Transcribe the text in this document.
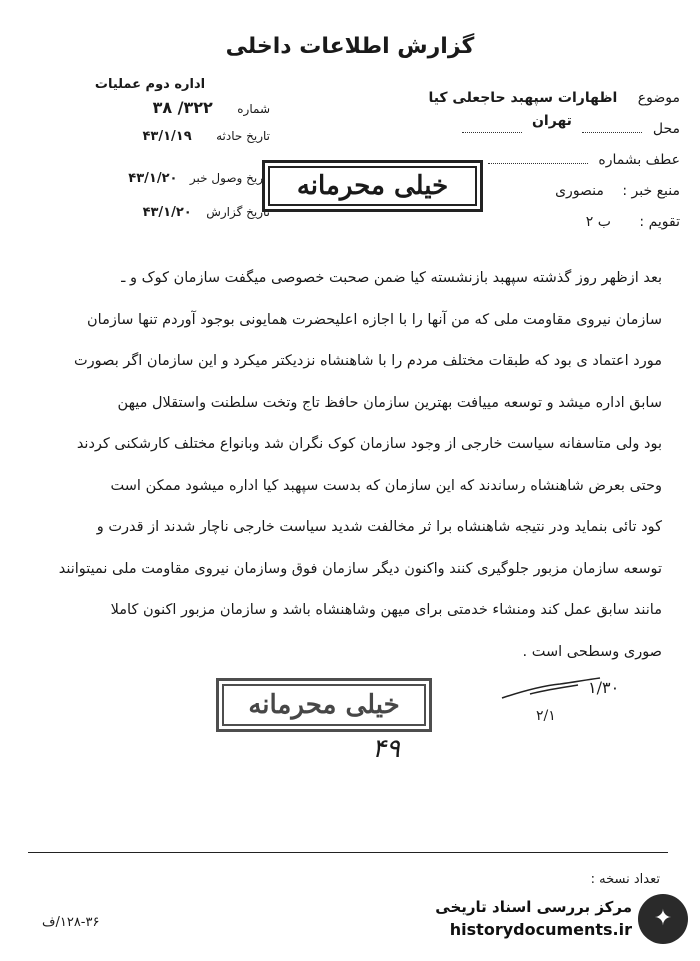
گزارش اطلاعات داخلی
موضوع اظهارات سپهبد حاجعلی کیا
محل  تهران
عطف بشماره
منبع خبر : منصوری
تقویم : ب ۲
اداره دوم عملیات
شماره ۳۲۲/ ۳۸
تاریخ حادثه ۴۳/۱/۱۹
تاریخ وصول خبر ۴۳/۱/۲۰
تاریخ گزارش ۴۳/۱/۲۰
خیلی محرمانه

بعد ازظهر روز گذشته سپهبد بازنشسته کیا ضمن صحبت خصوصی میگفت سازمان کوک و ـ

سازمان نیروی مقاومت ملی که من آنها را با اجازه اعلیحضرت همایونی بوجود آوردم تنها سازمان

مورد اعتماد ی بود که طبقات مختلف مردم را با شاهنشاه نزدیکتر میکرد و این سازمان اگر بصورت

سابق اداره میشد و توسعه مییافت بهترین سازمان حافظ تاج وتخت سلطنت واستقلال میهن

بود ولی متاسفانه سیاست خارجی از وجود سازمان کوک نگران شد وبانواع مختلف کارشکنی کردند

وحتی بعرض شاهنشاه رساندند که این سازمان که بدست سپهبد کیا اداره میشود ممکن است

کود تائی بنماید ودر نتیجه شاهنشاه برا ثر مخالفت شدید سیاست خارجی ناچار شدند از قدرت و

توسعه سازمان مزبور جلوگیری کنند واکنون دیگر سازمان فوق وسازمان نیروی مقاومت ملی نمیتوانند

مانند سابق عمل کند ومنشاء خدمتی برای میهن وشاهنشاه باشد و سازمان مزبور اکنون کاملا

صوری وسطحی است .

خیلی محرمانه
۱/۳۰
۲/۱
۴۹
تعداد نسخه :
۱۲۸-۳۶/ف	✦
مرکز بررسی اسناد تاریخی
historydocuments.ir
